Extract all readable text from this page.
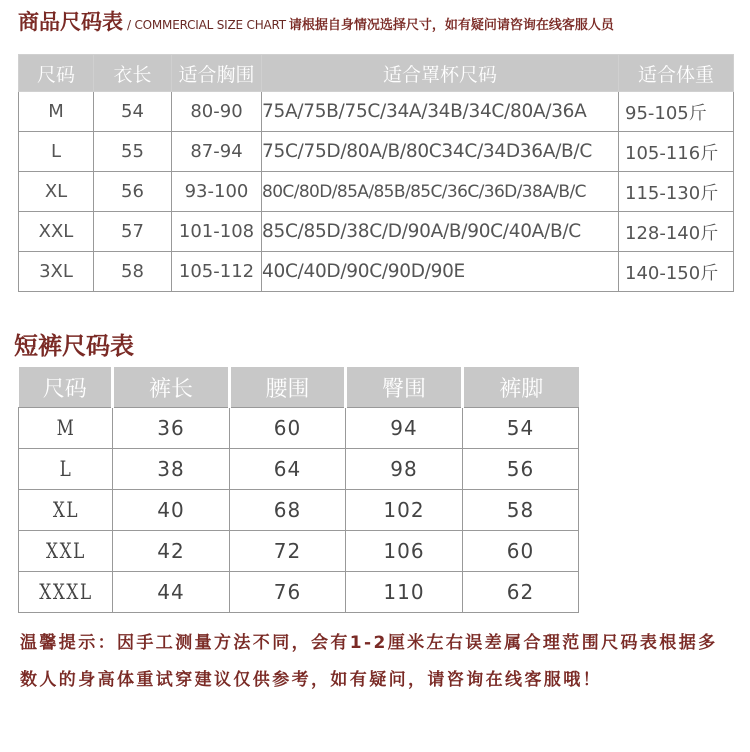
商品尺码表 / COMMERCIAL SIZE CHART 请根据自身情况选择尺寸，如有疑问请咨询在线客服人员
尺码	衣长	适合胸围	适合罩杯尺码	适合体重
M	54	80-90	75A/75B/75C/34A/34B/34C/80A/36A	95-105斤
L	55	87-94	75C/75D/80A/B/80C34C/34D36A/B/C	105-116斤
XL	56	93-100	80C/80D/85A/85B/85C/36C/36D/38A/B/C	115-130斤
XXL	57	101-108	85C/85D/38C/D/90A/B/90C/40A/B/C	128-140斤
3XL	58	105-112	40C/40D/90C/90D/90E	140-150斤
短裤尺码表
尺码	裤长	腰围	臀围	裤脚
M	36	60	94	54
L	38	64	98	56
XL	40	68	102	58
XXL	42	72	106	60
XXXL	44	76	110	62
温馨提示：因手工测量方法不同，会有1-2厘米左右误差属合理范围尺码表根据多数人的身高体重试穿建议仅供参考，如有疑问，请咨询在线客服哦！
